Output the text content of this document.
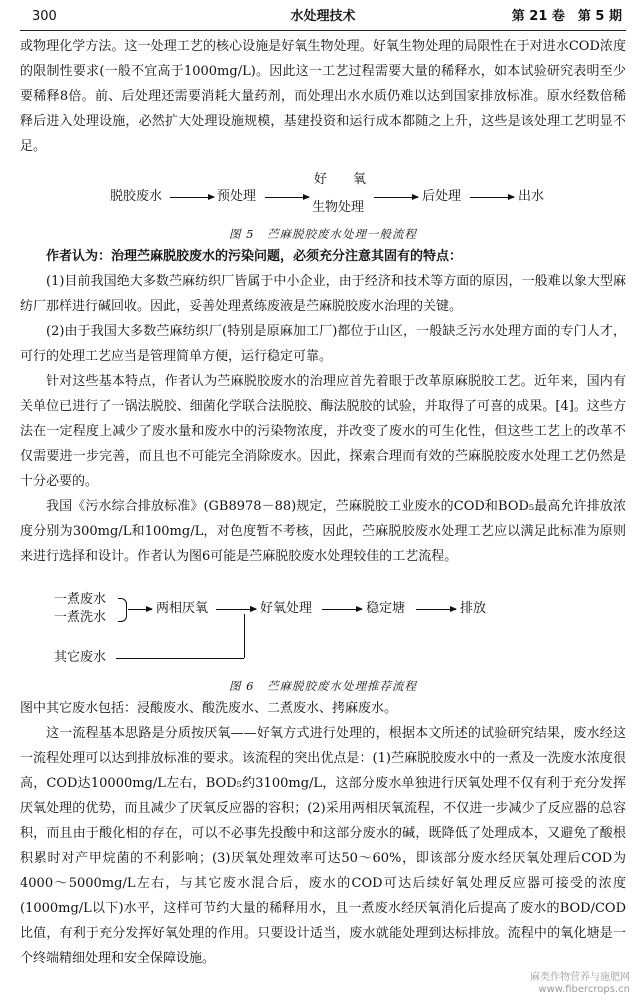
300	水处理技术	第 21 卷　第 5 期

或物理化学方法。这一处理工艺的核心设施是好氧生物处理。好氧生物处理的局限性在于对进水COD浓度的限制性要求(一般不宜高于1000mg/L)。因此这一工艺过程需要大量的稀释水，如本试验研究表明至少要稀释8倍。前、后处理还需要消耗大量药剂，而处理出水水质仍难以达到国家排放标准。原水经数倍稀释后进入处理设施，必然扩大处理设施规模，基建投资和运行成本都随之上升，这些是该处理工艺明显不足。

脱胶废水	预处理
好　　氧
生物处理
后处理	出水
图 5　苎麻脱胶废水处理一般流程

作者认为：治理苎麻脱胶废水的污染问题，必须充分注意其固有的特点：

(1)目前我国绝大多数苎麻纺织厂皆属于中小企业，由于经济和技术等方面的原因，一般难以象大型麻纺厂那样进行碱回收。因此，妥善处理煮练废液是苎麻脱胶废水治理的关键。

(2)由于我国大多数苎麻纺织厂(特别是原麻加工厂)都位于山区，一般缺乏污水处理方面的专门人才，可行的处理工艺应当是管理简单方便，运行稳定可靠。

针对这些基本特点，作者认为苎麻脱胶废水的治理应首先着眼于改革原麻脱胶工艺。近年来，国内有关单位已进行了一锅法脱胶、细菌化学联合法脱胶、酶法脱胶的试验，并取得了可喜的成果。[4]。这些方法在一定程度上减少了废水量和废水中的污染物浓度，并改变了废水的可生化性，但这些工艺上的改革不仅需要进一步完善，而且也不可能完全消除废水。因此，探索合理而有效的苎麻脱胶废水处理工艺仍然是十分必要的。

我国《污水综合排放标准》(GB8978－88)规定，苎麻脱胶工业废水的COD和BOD₅最高允许排放浓度分别为300mg/L和100mg/L，对色度暂不考核，因此，苎麻脱胶废水处理工艺应以满足此标准为原则来进行选择和设计。作者认为图6可能是苎麻脱胶废水处理较佳的工艺流程。

一煮废水
一煮洗水
两相厌氧	好氧处理	稳定塘	排放
其它废水
图 6　苎麻脱胶废水处理推荐流程

图中其它废水包括：浸酸废水、酸洗废水、二煮废水、拷麻废水。

这一流程基本思路是分质按厌氧——好氧方式进行处理的，根据本文所述的试验研究结果，废水经这一流程处理可以达到排放标准的要求。该流程的突出优点是：(1)苎麻脱胶废水中的一煮及一洗废水浓度很高，COD达10000mg/L左右，BOD₅约3100mg/L，这部分废水单独进行厌氧处理不仅有利于充分发挥厌氧处理的优势，而且减少了厌氧反应器的容积；(2)采用两相厌氧流程，不仅进一步减少了反应器的总容积，而且由于酸化相的存在，可以不必事先投酸中和这部分废水的碱，既降低了处理成本，又避免了酸根积累时对产甲烷菌的不利影响；(3)厌氧处理效率可达50～60%，即该部分废水经厌氧处理后COD为4000～5000mg/L左右，与其它废水混合后，废水的COD可达后续好氧处理反应器可接受的浓度(1000mg/L以下)水平，这样可节约大量的稀释用水，且一煮废水经厌氧消化后提高了废水的BOD/COD比值，有利于充分发挥好氧处理的作用。只要设计适当，废水就能处理到达标排放。流程中的氧化塘是一个终端精细处理和安全保障设施。

麻类作物营养与施肥网
www.fibercrops.cn
